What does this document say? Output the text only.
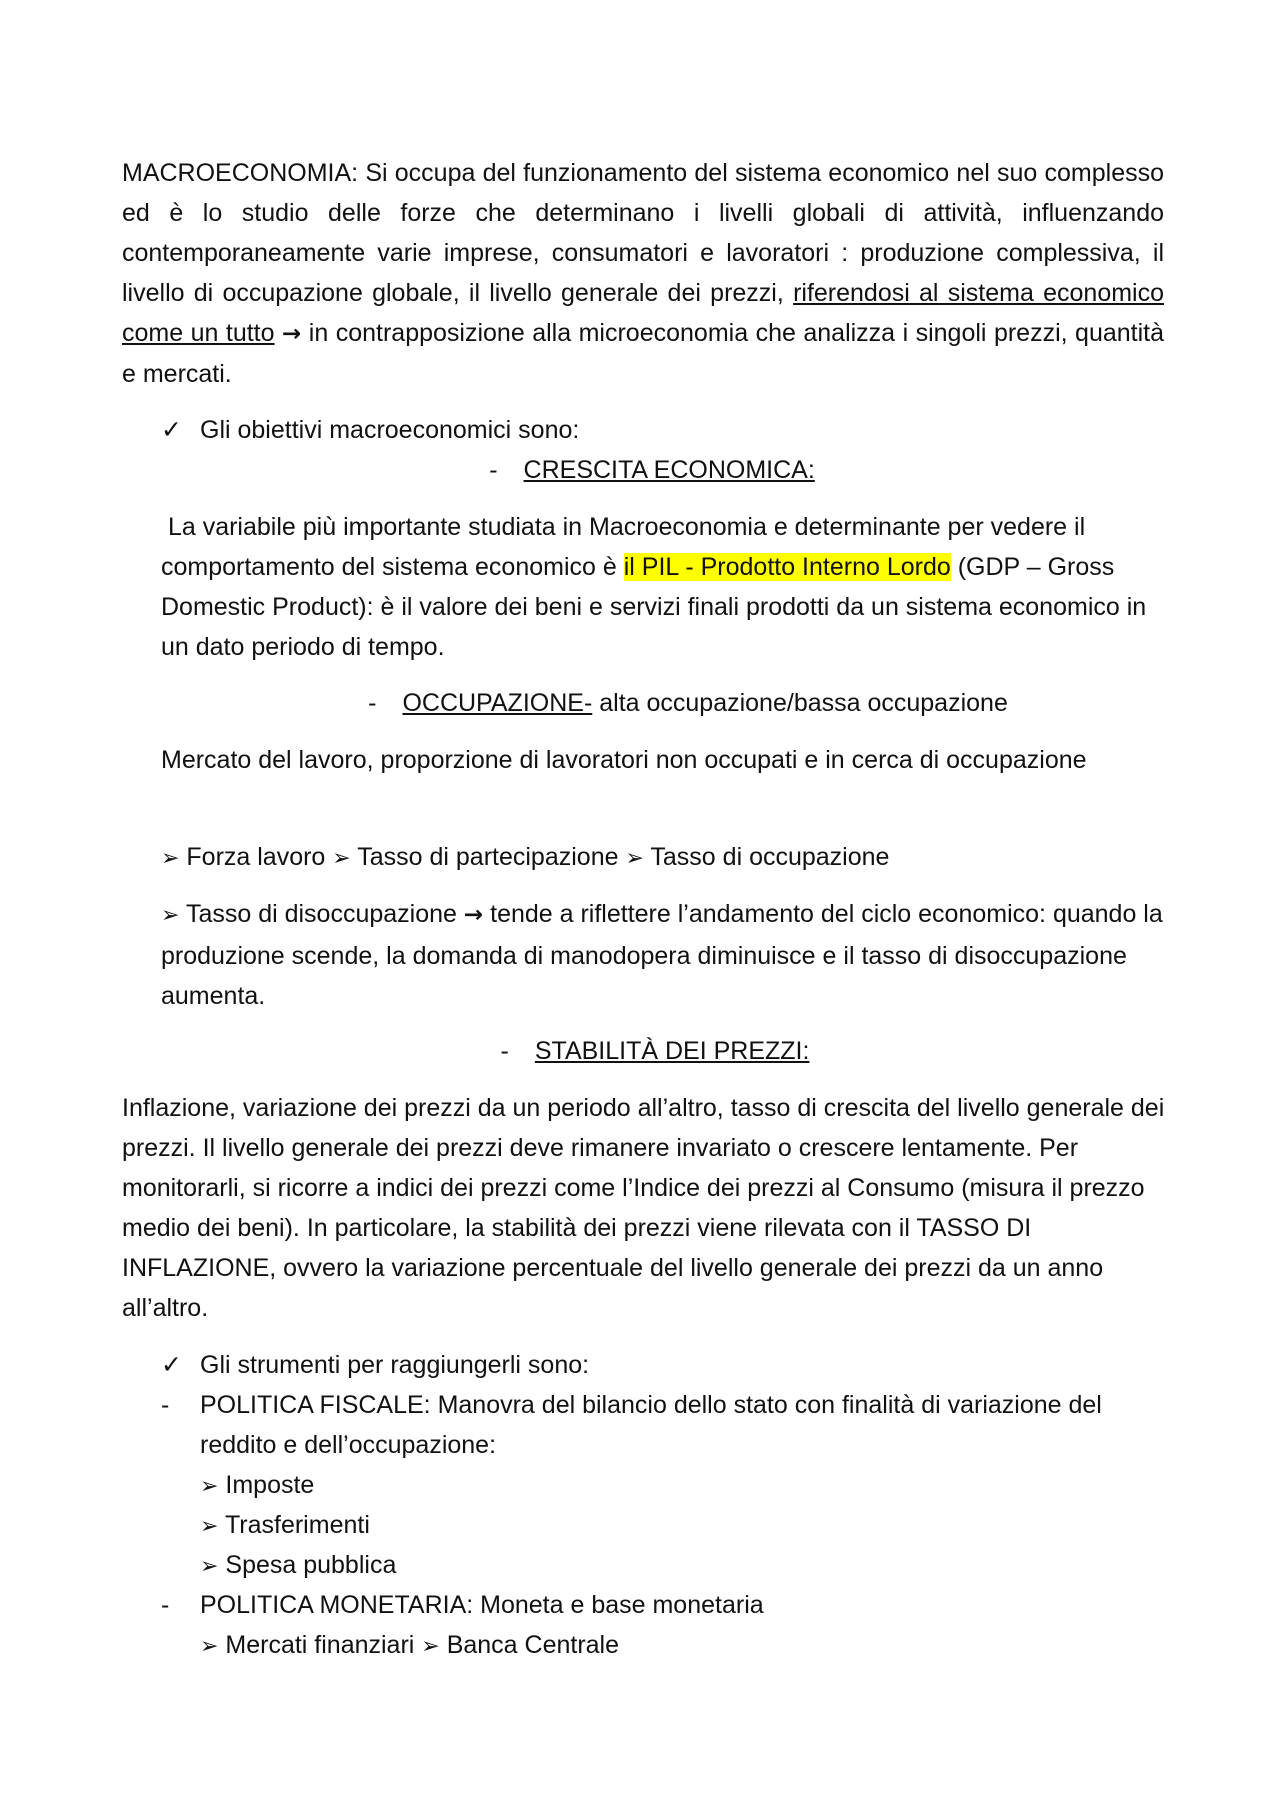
MACROECONOMIA: Si occupa del funzionamento del sistema economico nel suo complesso ed è lo studio delle forze che determinano i livelli globali di attività, influenzando contemporaneamente varie imprese, consumatori e lavoratori : produzione complessiva, il livello di occupazione globale, il livello generale dei prezzi, riferendosi al sistema economico come un tutto → in contrapposizione alla microeconomia che analizza i singoli prezzi, quantità e mercati.

✓ Gli obiettivi macroeconomici sono:
- CRESCITA ECONOMICA:

La variabile più importante studiata in Macroeconomia e determinante per vedere il comportamento del sistema economico è il PIL - Prodotto Interno Lordo (GDP – Gross Domestic Product): è il valore dei beni e servizi finali prodotti da un sistema economico in un dato periodo di tempo.

- OCCUPAZIONE- alta occupazione/bassa occupazione

Mercato del lavoro, proporzione di lavoratori non occupati e in cerca di occupazione

➢ Forza lavoro ➢ Tasso di partecipazione ➢ Tasso di occupazione

➢ Tasso di disoccupazione → tende a riflettere l’andamento del ciclo economico: quando la produzione scende, la domanda di manodopera diminuisce e il tasso di disoccupazione aumenta.

- STABILITÀ DEI PREZZI:

Inflazione, variazione dei prezzi da un periodo all’altro, tasso di crescita del livello generale dei prezzi. Il livello generale dei prezzi deve rimanere invariato o crescere lentamente. Per monitorarli, si ricorre a indici dei prezzi come l’Indice dei prezzi al Consumo (misura il prezzo medio dei beni). In particolare, la stabilità dei prezzi viene rilevata con il TASSO DI INFLAZIONE, ovvero la variazione percentuale del livello generale dei prezzi da un anno all’altro.

✓ Gli strumenti per raggiungerli sono:
- POLITICA FISCALE: Manovra del bilancio dello stato con finalità di variazione del reddito e dell’occupazione:
➢ Imposte
➢ Trasferimenti
➢ Spesa pubblica
- POLITICA MONETARIA: Moneta e base monetaria
➢ Mercati finanziari ➢ Banca Centrale
